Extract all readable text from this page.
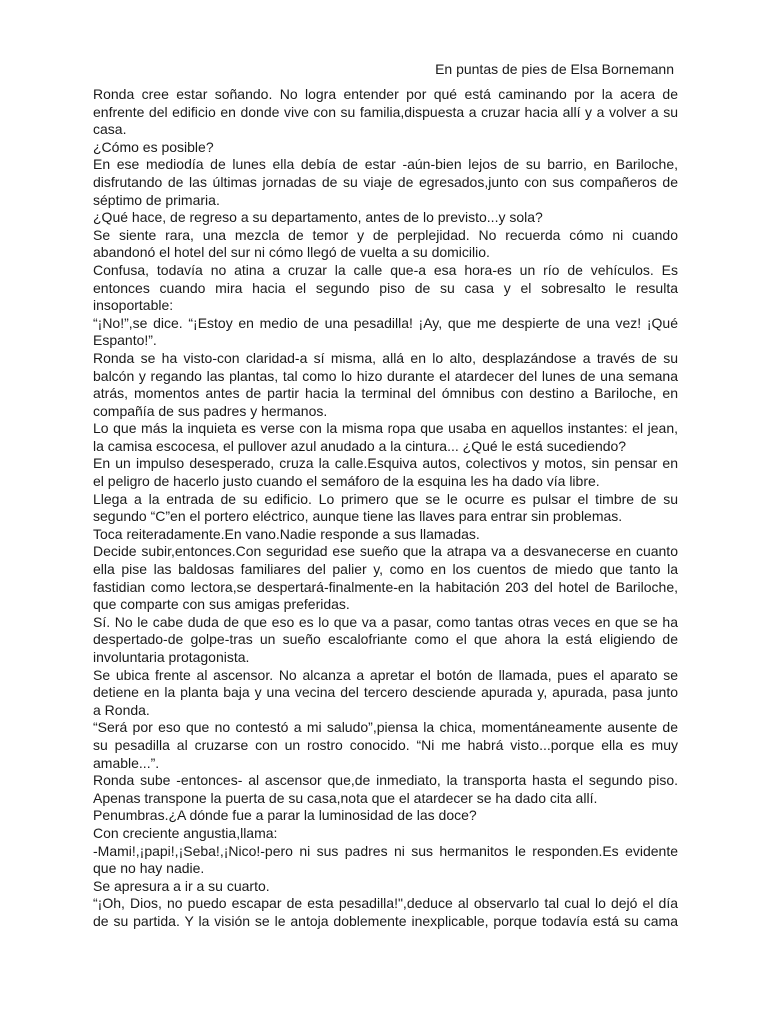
En puntas de pies de Elsa Bornemann
Ronda cree estar soñando. No logra entender por qué está caminando por la acera de
enfrente del edificio en donde vive con su familia,dispuesta a cruzar hacia allí y a volver a su
casa.
¿Cómo es posible?
En ese mediodía de lunes ella debía de estar -aún-bien lejos de su barrio, en Bariloche,
disfrutando de las últimas jornadas de su viaje de egresados,junto con sus compañeros de
séptimo de primaria.
¿Qué hace, de regreso a su departamento, antes de lo previsto...y sola?
Se siente rara, una mezcla de temor y de perplejidad. No recuerda cómo ni cuando
abandonó el hotel del sur ni cómo llegó de vuelta a su domicilio.
Confusa, todavía no atina a cruzar la calle que-a esa hora-es un río de vehículos. Es
entonces cuando mira hacia el segundo piso de su casa y el sobresalto le resulta
insoportable:
“¡No!”,se dice. “¡Estoy en medio de una pesadilla! ¡Ay, que me despierte de una vez! ¡Qué
Espanto!”.
Ronda se ha visto-con claridad-a sí misma, allá en lo alto, desplazándose a través de su
balcón y regando las plantas, tal como lo hizo durante el atardecer del lunes de una semana
atrás, momentos antes de partir hacia la terminal del ómnibus con destino a Bariloche, en
compañía de sus padres y hermanos.
Lo que más la inquieta es verse con la misma ropa que usaba en aquellos instantes: el jean,
la camisa escocesa, el pullover azul anudado a la cintura... ¿Qué le está sucediendo?
En un impulso desesperado, cruza la calle.Esquiva autos, colectivos y motos, sin pensar en
el peligro de hacerlo justo cuando el semáforo de la esquina les ha dado vía libre.
Llega a la entrada de su edificio. Lo primero que se le ocurre es pulsar el timbre de su
segundo “C”en el portero eléctrico, aunque tiene las llaves para entrar sin problemas.
Toca reiteradamente.En vano.Nadie responde a sus llamadas.
Decide subir,entonces.Con seguridad ese sueño que la atrapa va a desvanecerse en cuanto
ella pise las baldosas familiares del palier y, como en los cuentos de miedo que tanto la
fastidian como lectora,se despertará-finalmente-en la habitación 203 del hotel de Bariloche,
que comparte con sus amigas preferidas.
Sí. No le cabe duda de que eso es lo que va a pasar, como tantas otras veces en que se ha
despertado-de golpe-tras un sueño escalofriante como el que ahora la está eligiendo de
involuntaria protagonista.
Se ubica frente al ascensor. No alcanza a apretar el botón de llamada, pues el aparato se
detiene en la planta baja y una vecina del tercero desciende apurada y, apurada, pasa junto
a Ronda.
“Será por eso que no contestó a mi saludo”,piensa la chica, momentáneamente ausente de
su pesadilla al cruzarse con un rostro conocido. “Ni me habrá visto...porque ella es muy
amable...”.
Ronda sube -entonces- al ascensor que,de inmediato, la transporta hasta el segundo piso.
Apenas transpone la puerta de su casa,nota que el atardecer se ha dado cita allí.
Penumbras.¿A dónde fue a parar la luminosidad de las doce?
Con creciente angustia,llama:
-Mami!,¡papi!,¡Seba!,¡Nico!-pero ni sus padres ni sus hermanitos le responden.Es evidente
que no hay nadie.
Se apresura a ir a su cuarto.
“¡Oh, Dios, no puedo escapar de esta pesadilla!",deduce al observarlo tal cual lo dejó el día
de su partida. Y la visión se le antoja doblemente inexplicable, porque todavía está su cama
